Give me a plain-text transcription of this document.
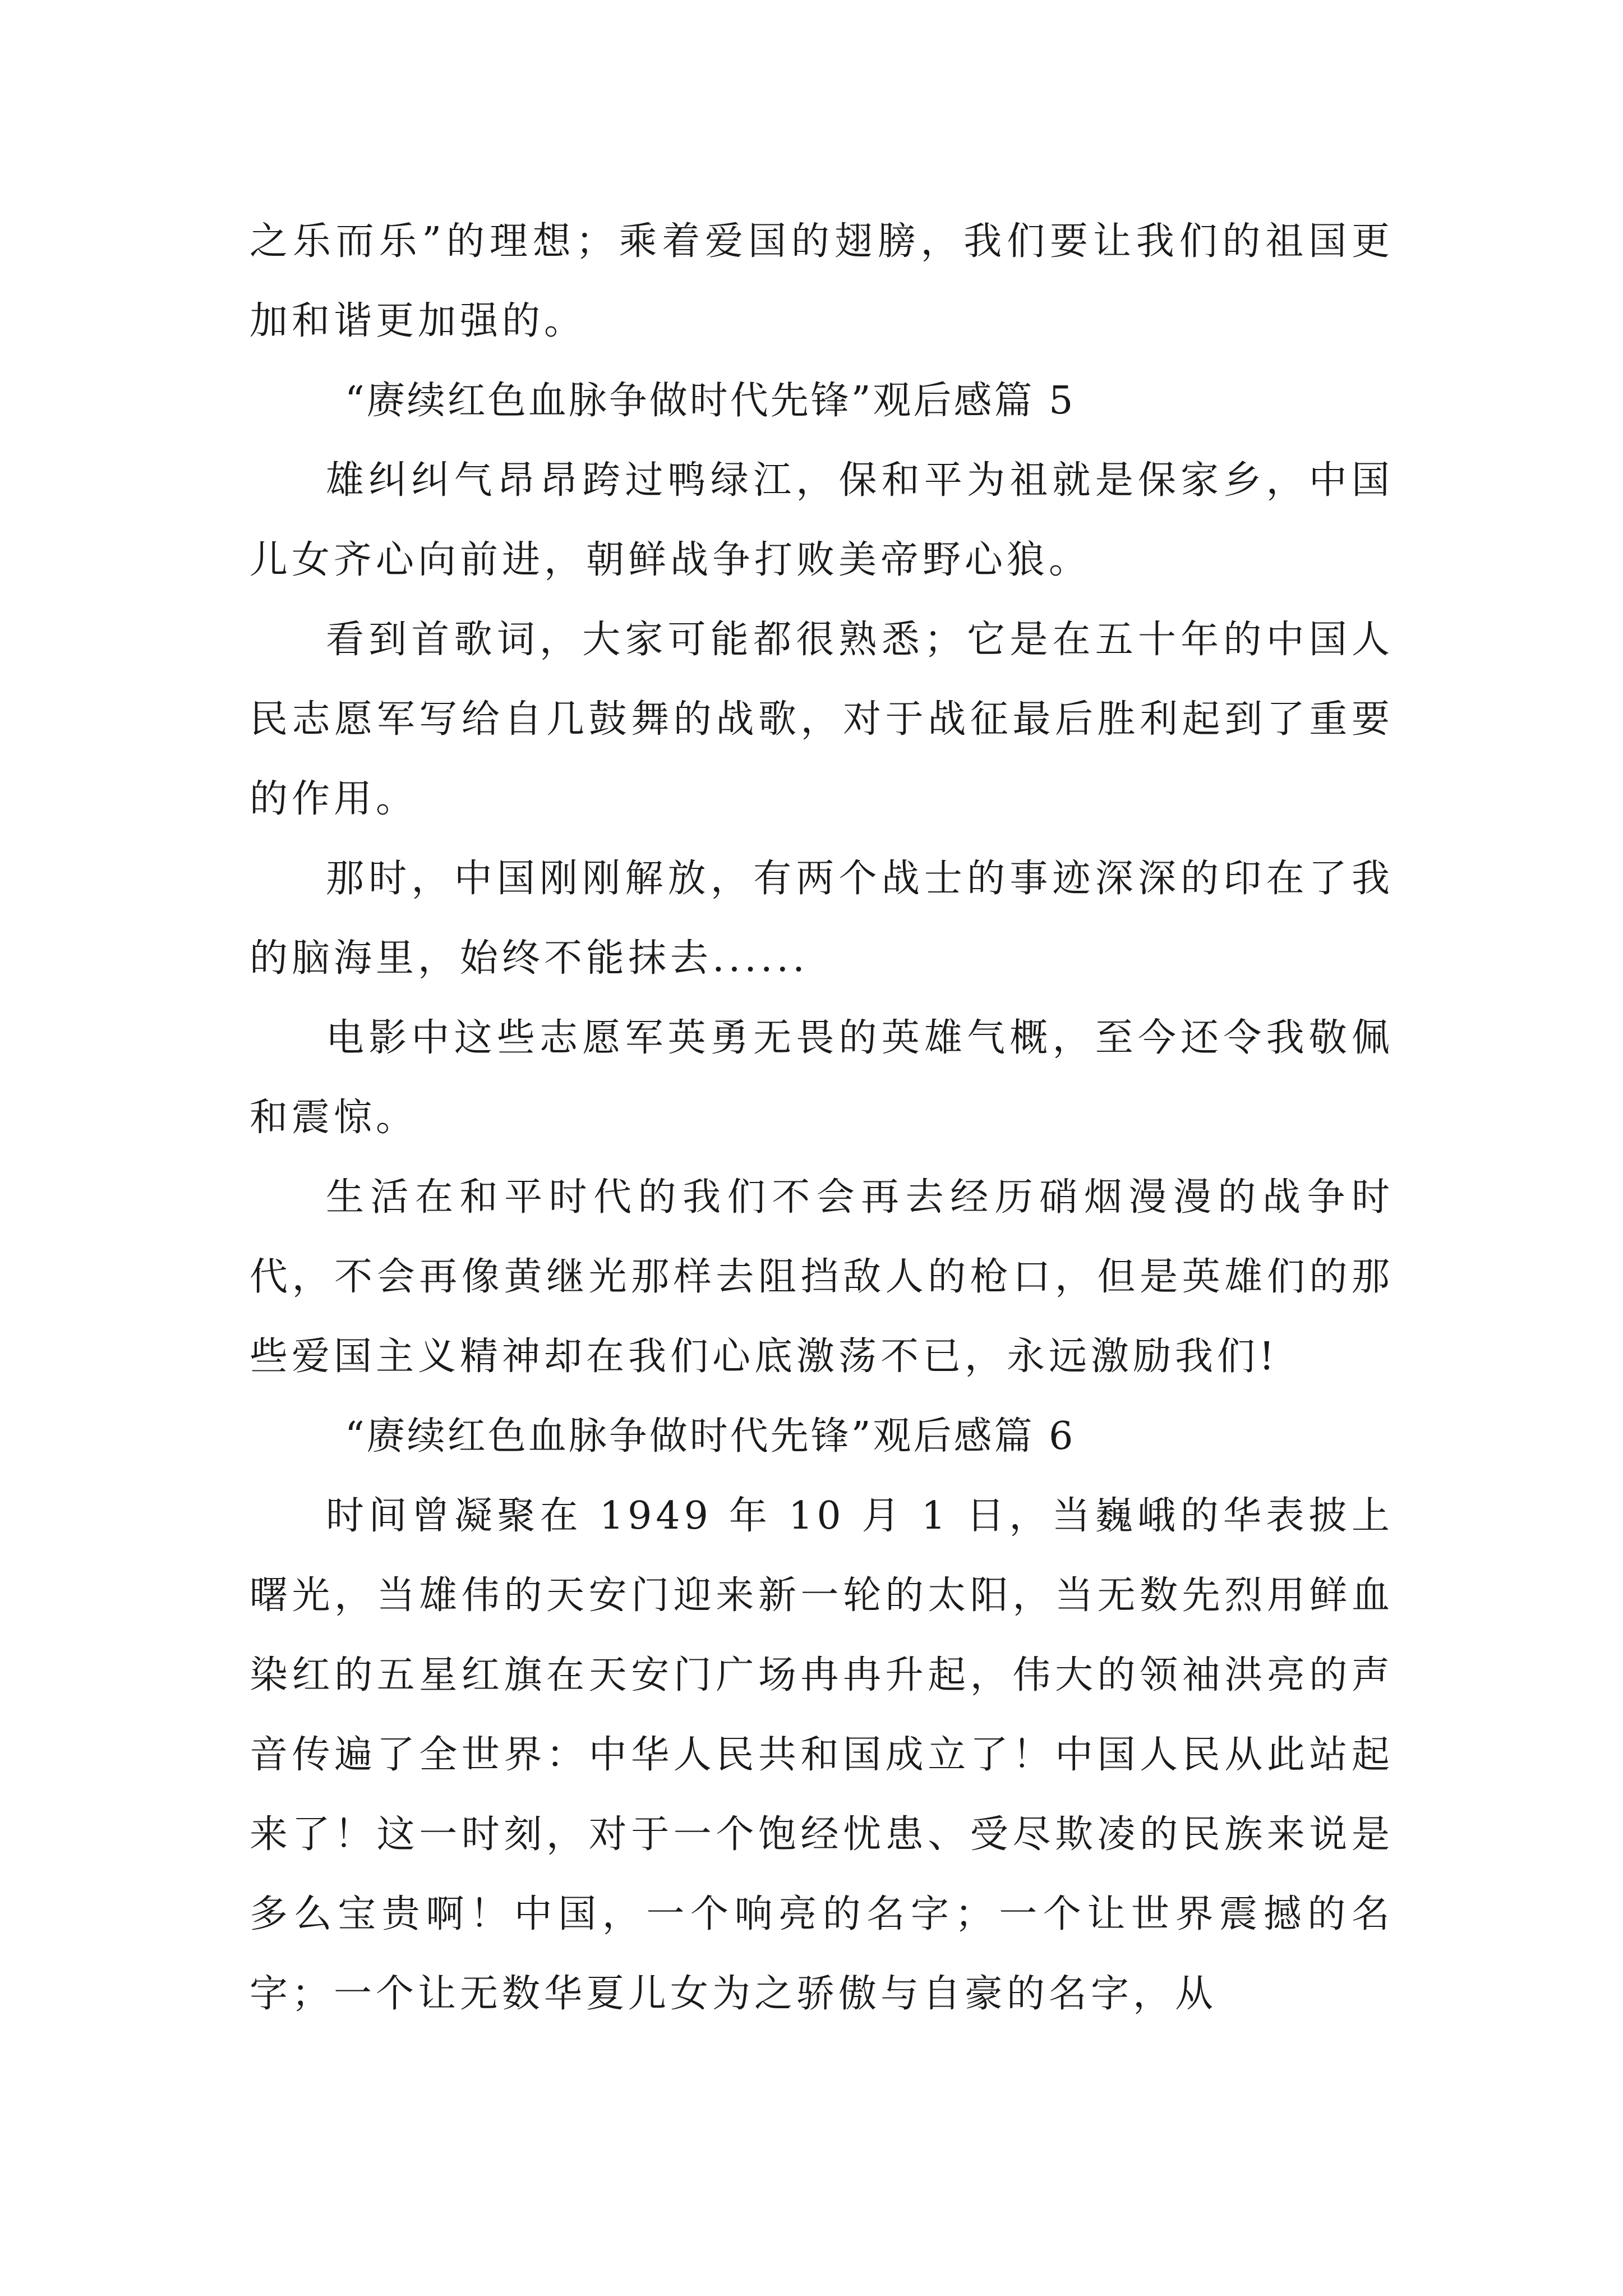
之乐而乐”的理想；乘着爱国的翅膀，我们要让我们的祖国更加和谐更加强的。

“赓续红色血脉争做时代先锋”观后感篇 5

雄纠纠气昂昂跨过鸭绿江，保和平为祖就是保家乡，中国儿女齐心向前进，朝鲜战争打败美帝野心狼。

看到首歌词，大家可能都很熟悉；它是在五十年的中国人民志愿军写给自几鼓舞的战歌，对于战征最后胜利起到了重要的作用。

那时，中国刚刚解放，有两个战士的事迹深深的印在了我的脑海里，始终不能抹去......

电影中这些志愿军英勇无畏的英雄气概，至今还令我敬佩和震惊。

生活在和平时代的我们不会再去经历硝烟漫漫的战争时代，不会再像黄继光那样去阻挡敌人的枪口，但是英雄们的那些爱国主义精神却在我们心底激荡不已，永远激励我们!

“赓续红色血脉争做时代先锋”观后感篇 6

时间曾凝聚在 1949 年 10 月 1 日，当巍峨的华表披上曙光，当雄伟的天安门迎来新一轮的太阳，当无数先烈用鲜血染红的五星红旗在天安门广场冉冉升起，伟大的领袖洪亮的声音传遍了全世界：中华人民共和国成立了！中国人民从此站起来了！这一时刻，对于一个饱经忧患、受尽欺凌的民族来说是多么宝贵啊！中国，一个响亮的名字；一个让世界震撼的名字；一个让无数华夏儿女为之骄傲与自豪的名字，从
